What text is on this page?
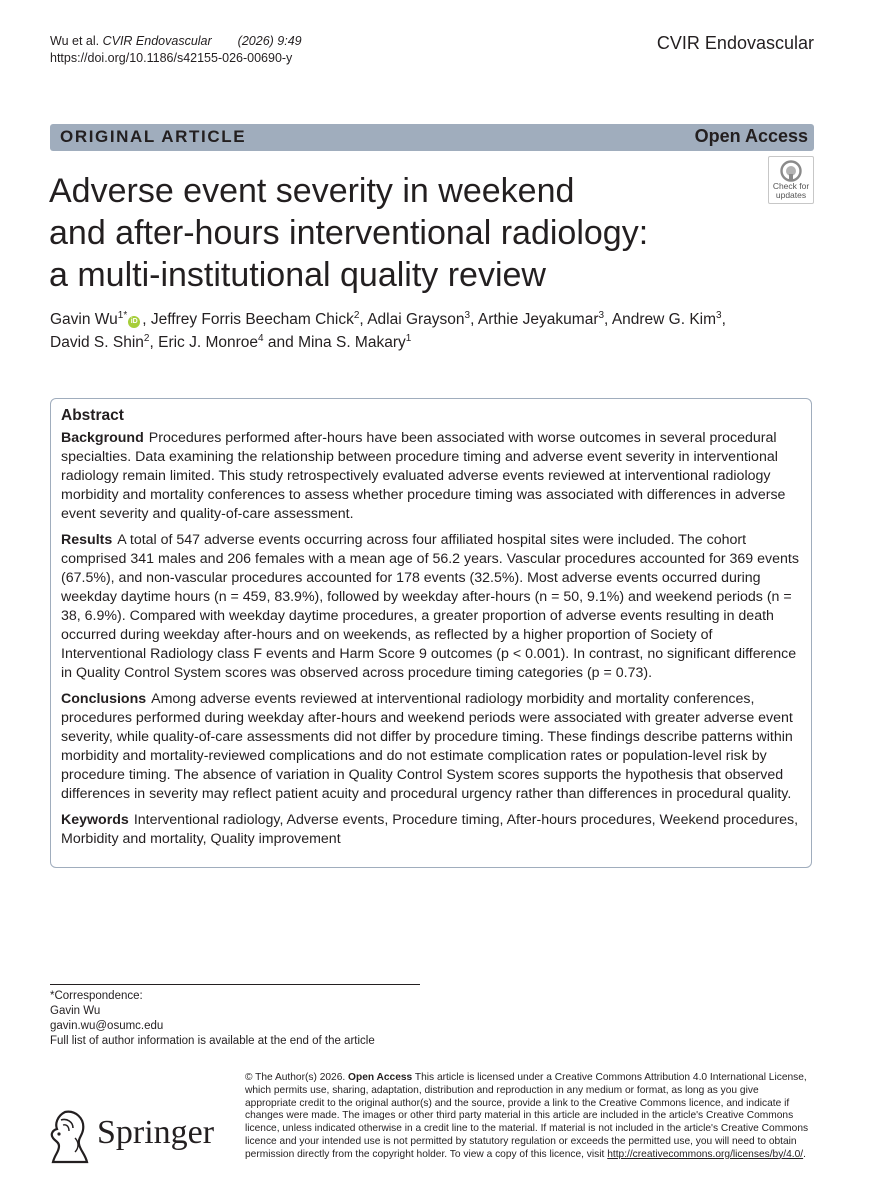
Wu et al. CVIR Endovascular (2026) 9:49
https://doi.org/10.1186/s42155-026-00690-y
CVIR Endovascular
ORIGINAL ARTICLE	Open Access
Check for
updates
Adverse event severity in weekend
and after-hours interventional radiology:
a multi-institutional quality review
Gavin $Wu^{1*}iD$ , Jeffrey Forris Beecham Chick$^2$, Adlai Grayson$^3$, Arthie Jeyakumar$^3$, Andrew G. Kim$^3$,
David S. Shin$^2$, Eric J. Monroe$^4$ and Mina S. Makary$^1$
Abstract

Background Procedures performed after-hours have been associated with worse outcomes in several procedural specialties. Data examining the relationship between procedure timing and adverse event severity in interventional radiology remain limited. This study retrospectively evaluated adverse events reviewed at interventional radiology morbidity and mortality conferences to assess whether procedure timing was associated with differences in adverse event severity and quality-of-care assessment.

Results A total of 547 adverse events occurring across four affiliated hospital sites were included. The cohort comprised 341 males and 206 females with a mean age of 56.2 years. Vascular procedures accounted for 369 events (67.5%), and non-vascular procedures accounted for 178 events (32.5%). Most adverse events occurred during weekday daytime hours (n = 459, 83.9%), followed by weekday after-hours (n = 50, 9.1%) and weekend periods (n = 38, 6.9%). Compared with weekday daytime procedures, a greater proportion of adverse events resulting in death occurred during weekday after-hours and on weekends, as reflected by a higher proportion of Society of Interventional Radiology class F events and Harm Score 9 outcomes (p < 0.001). In contrast, no significant difference in Quality Control System scores was observed across procedure timing categories (p = 0.73).

Conclusions Among adverse events reviewed at interventional radiology morbidity and mortality conferences, procedures performed during weekday after-hours and weekend periods were associated with greater adverse event severity, while quality-of-care assessments did not differ by procedure timing. These findings describe patterns within morbidity and mortality-reviewed complications and do not estimate complication rates or population-level risk by procedure timing. The absence of variation in Quality Control System scores supports the hypothesis that observed differences in severity may reflect patient acuity and procedural urgency rather than differences in procedural quality.

Keywords Interventional radiology, Adverse events, Procedure timing, After-hours procedures, Weekend procedures, Morbidity and mortality, Quality improvement

*Correspondence:
Gavin Wu
gavin.wu@osumc.edu
Full list of author information is available at the end of the article
Springer
© The Author(s) 2026. Open Access This article is licensed under a Creative Commons Attribution 4.0 International License, which permits use, sharing, adaptation, distribution and reproduction in any medium or format, as long as you give appropriate credit to the original author(s) and the source, provide a link to the Creative Commons licence, and indicate if changes were made. The images or other third party material in this article are included in the article's Creative Commons licence, unless indicated otherwise in a credit line to the material. If material is not included in the article's Creative Commons licence and your intended use is not permitted by statutory regulation or exceeds the permitted use, you will need to obtain permission directly from the copyright holder. To view a copy of this licence, visit http://creativecommons.org/licenses/by/4.0/.
